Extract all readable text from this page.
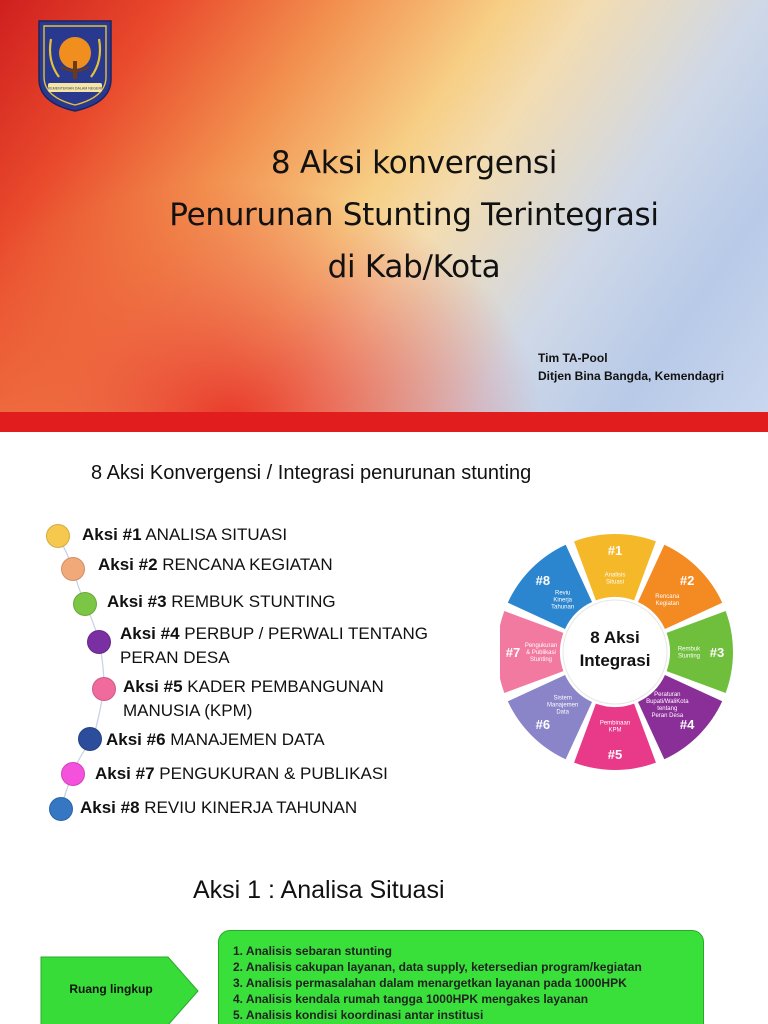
KEMENTERIAN DALAM NEGERI
8 Aksi konvergensi
Penurunan Stunting Terintegrasi
di Kab/Kota
Tim TA-Pool
Ditjen Bina Bangda, Kemendagri
8 Aksi Konvergensi / Integrasi penurunan stunting
Aksi #1 ANALISA SITUASI
Aksi #2 RENCANA KEGIATAN
Aksi #3 REMBUK STUNTING
Aksi #4 PERBUP / PERWALI TENTANG
PERAN DESA
Aksi #5 KADER PEMBANGUNAN
MANUSIA (KPM)
Aksi #6 MANAJEMEN DATA
Aksi #7 PENGUKURAN & PUBLIKASI
Aksi #8 REVIU KINERJA TAHUNAN
#1
Analisis Situasi	#2
Rencana Kegiatan
#3
Rembuk Stunting
#4
Peraturan Bupati/WaliKota tentang Peran Desa
#5
Pembinaan KPM
#6
Sistem Manajemen Data
#7 Pengukuran & Publikasi Stunting
#8
Reviu Kinerja Tahunan
8 Aksi
Integrasi
Aksi 1 : Analisa Situasi
Ruang lingkup
1. Analisis sebaran stunting
2. Analisis cakupan layanan, data supply, ketersedian program/kegiatan
3. Analisis permasalahan dalam menargetkan layanan pada 1000HPK
4. Analisis kendala rumah tangga 1000HPK mengakes layanan
5. Analisis kondisi koordinasi antar institusi
